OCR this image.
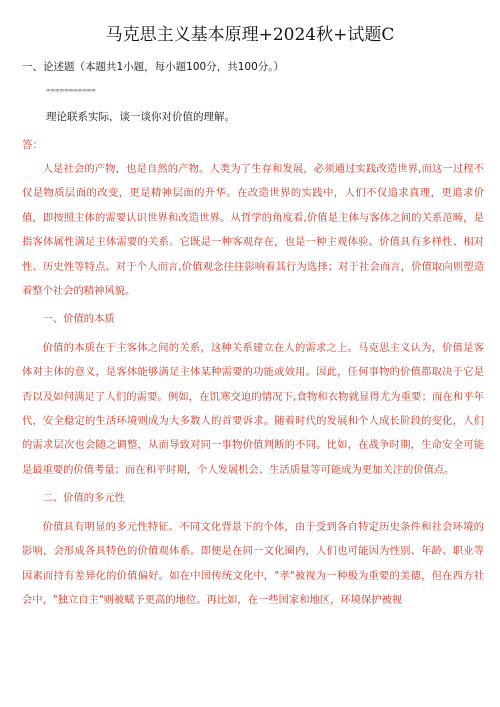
马克思主义基本原理+2024秋+试题C
一、论述题（本题共1小题，每小题100分，共100分。）
∞∞∞∞∞∞∞∞∞∞∞
理论联系实际，谈一谈你对价值的理解。
答：

人是社会的产物，也是自然的产物。人类为了生存和发展，必须通过实践改造世界,而这一过程不仅是物质层面的改变，更是精神层面的升华。在改造世界的实践中，人们不仅追求真理，更追求价值，即按照主体的需要认识世界和改造世界。从哲学的角度看,价值是主体与客体之间的关系范畴，是指客体属性满足主体需要的关系。它既是一种客观存在，也是一种主观体验。价值具有多样性、相对性、历史性等特点。对于个人而言,价值观念往往影响着其行为选择；对于社会而言，价值取向则塑造着整个社会的精神风貌。

一、价值的本质

价值的本质在于主客体之间的关系，这种关系建立在人的需求之上。马克思主义认为，价值是客体对主体的意义，是客体能够满足主体某种需要的功能或效用。因此，任何事物的价值都取决于它是否以及如何满足了人们的需要。例如，在饥寒交迫的情况下,食物和衣物就显得尤为重要；而在和平年代，安全稳定的生活环境则成为大多数人的首要诉求。随着时代的发展和个人成长阶段的变化，人们的需求层次也会随之调整，从而导致对同一事物价值判断的不同。比如，在战争时期，生命安全可能是最重要的价值考量；而在和平时期，个人发展机会、生活质量等可能成为更加关注的价值点。

二、价值的多元性

价值具有明显的多元性特征。不同文化背景下的个体，由于受到各自特定历史条件和社会环境的影响，会形成各具特色的价值观体系。即便是在同一文化圈内，人们也可能因为性别、年龄、职业等因素而持有差异化的价值偏好。如在中国传统文化中，"孝"被视为一种极为重要的美德，但在西方社会中，"独立自主"则被赋予更高的地位。再比如，在一些国家和地区，环境保护被视
